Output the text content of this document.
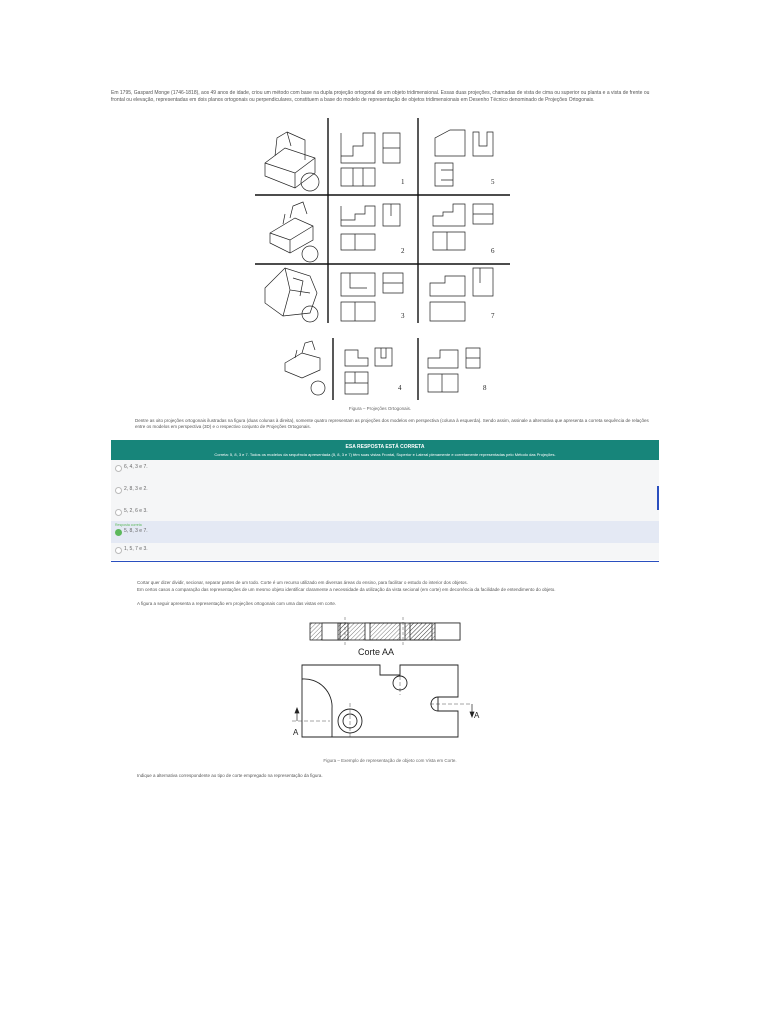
Em 1795, Gaspard Monge (1746-1818), aos 49 anos de idade, criou um método com base na dupla projeção ortogonal de um objeto tridimensional. Essas duas projeções, chamadas de vista de cima ou superior ou planta e a vista de frente ou frontal ou elevação, representadas em dois planos ortogonais ou perpendiculares, constituem a base do modelo de representação de objetos tridimensionais em Desenho Técnico denominado de Projeções Ortogonais.
1	5
2	6
3	7
4	8
Figura – Projeções Ortogonais.
Dentre as oito projeções ortogonais ilustradas na figura (duas colunas à direita), somente quatro representam as projeções dos modelos em perspectiva (coluna à esquerda). Sendo assim, assinale a alternativa que apresenta a correta sequência de relações entre os modelos em perspectiva (3D) e o respectivo conjunto de Projeções Ortogonais.
ESA RESPOSTA ESTÁ CORRETA
Correta: 5, 8, 3 e 7. Todos os modelos da sequência apresentada (5, 8, 3 e 7) têm suas vistas Frontal, Superior e Lateral plenamente e corretamente representadas pelo Método das Projeções.
6, 4, 3 e 7.
2, 8, 3 e 2.
5, 2, 6 e 3.
Resposta correta
5, 8, 3 e 7.
1, 5, 7 e 3.
Cortar quer dizer dividir, secionar, separar partes de um todo. Corte é um recurso utilizado em diversas áreas do ensino, para facilitar o estudo do interior dos objetos.
Em certos casos a comparação das representações de um mesmo objeto identificar claramente a necessidade da utilização da vista secional (em corte) em decorrência da facilidade de entendimento do objeto.
A figura a seguir apresenta a representação em projeções ortogonais com uma das vistas em corte.
Corte AA
A
A
Figura – Exemplo de representação de objeto com Vista em Corte.
Indique a alternativa correspondente ao tipo de corte empregado na representação da figura.
